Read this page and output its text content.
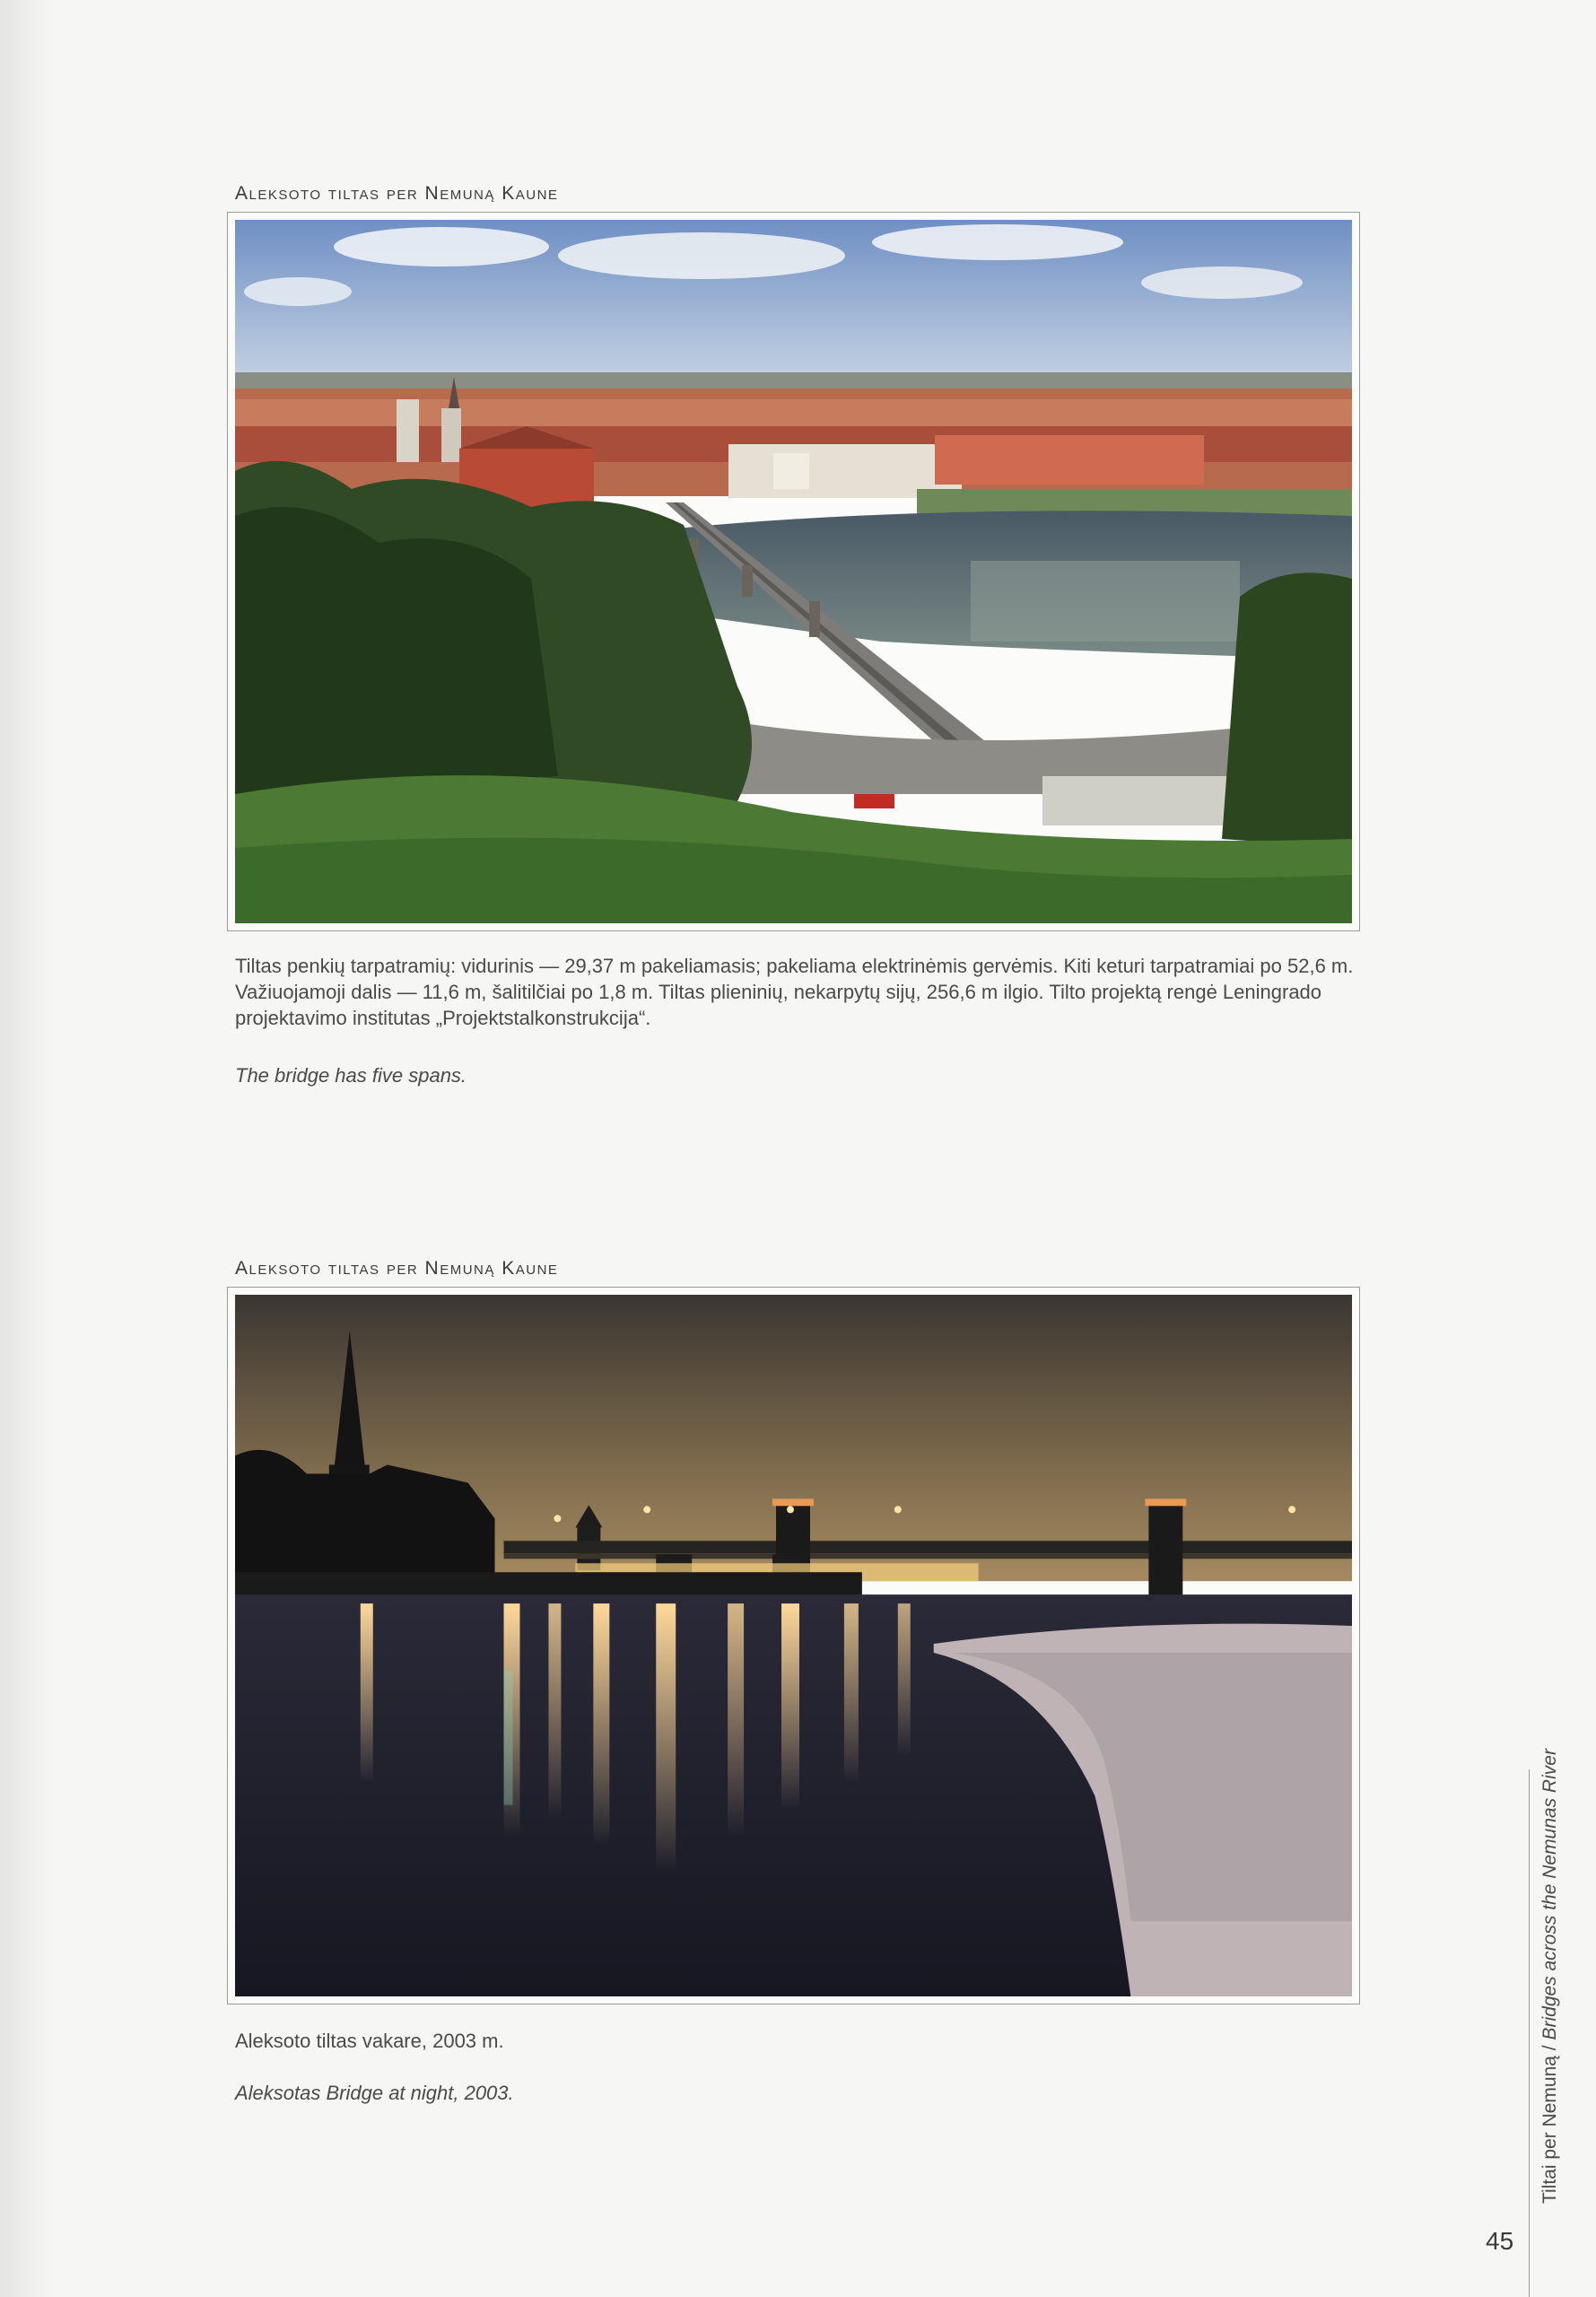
Aleksoto tiltas per Nemuną Kaune
Tiltas penkių tarpatramių: vidurinis — 29,37 m pakeliamasis; pakeliama elektrinėmis gervėmis. Kiti keturi tarpatramiai po 52,6 m. Važiuojamoji dalis — 11,6 m, šalitilčiai po 1,8 m. Tiltas plieninių, nekarpytų sijų, 256,6 m ilgio. Tilto projektą rengė Leningrado projektavimo institutas „Projektstalkonstrukcija“.
The bridge has five spans.
Aleksoto tiltas per Nemuną Kaune
Aleksoto tiltas vakare, 2003 m.
Aleksotas Bridge at night, 2003.	Tiltai per Nemuną / Bridges across the Nemunas River
45
